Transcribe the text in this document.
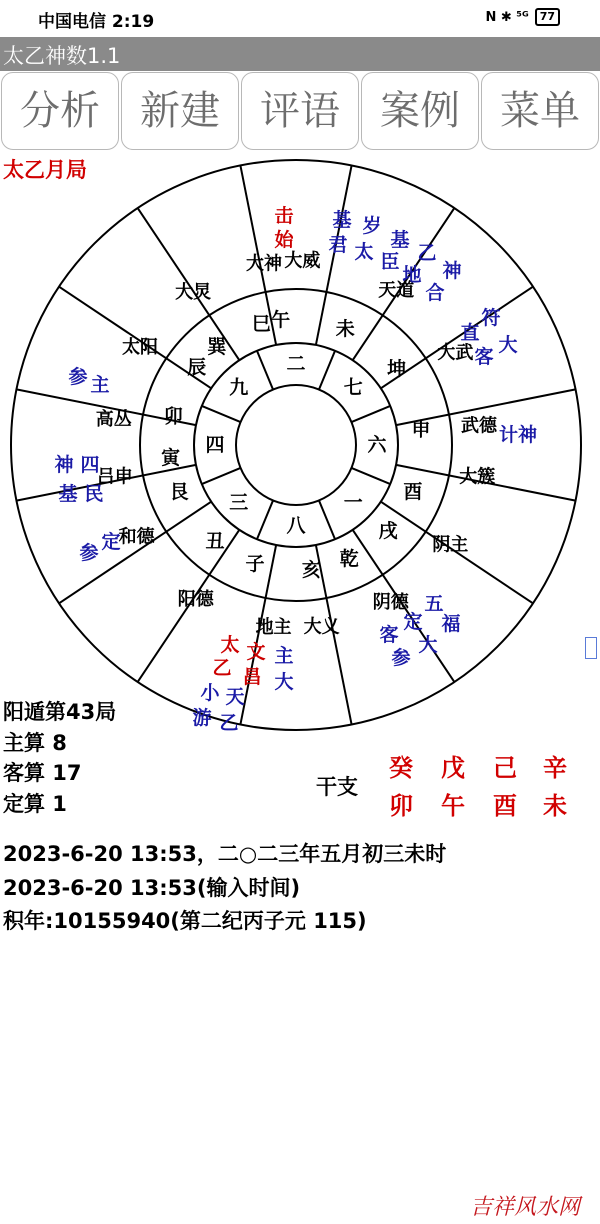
中国电信 2:19	N ✱ ⁵ᴳ	77
太乙神数1.1
分析	新建	评语	案例	菜单
太乙月局
二
七
六
一
八
三
四
九
午 未
坤
申
酉
戌
乾
亥
子
丑
艮
寅
卯
辰
巽
巳
大威
天道
大武
武德
大簇
阴主
阴德
大义
地主
阳德
和德
吕申
高丛
太阳
大炅
大神
击
始
基
君
岁
太
基
臣 乙
地 神
合
符
直
大
客
计神
五
福
定
大
客
参
主
大
文
昌
太
乙
天
乙
小
游
参 主
神 四
基 民
参 定
阳遁第43局
主算 8
客算 17
定算 1
干支
癸	戊	己	辛
卯	午	酉	未
2023-6-20 13:53，二○二三年五月初三未时
2023-6-20 13:53(输入时间)
积年:10155940(第二纪丙子元 115)
吉祥风水网
